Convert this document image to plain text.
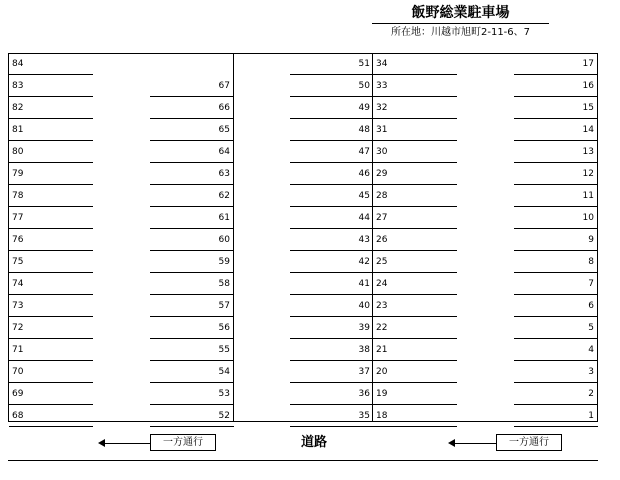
飯野総業駐車場
所在地：川越市旭町2-11-6、7
84
83
82
81
80
79
78
77
76
75
74
73
72
71
70
69
68
67
66
65
64
63
62
61
60
59
58
57
56
55
54
53
52
51
50
49
48
47
46
45
44
43
42
41
40
39
38
37
36
35
34
33
32
31
30
29
28
27
26
25
24
23
22
21
20
19
18
17
16
15
14
13
12
11
10
9
8
7
6
5
4
3
2
1
一方通行	道路	一方通行
